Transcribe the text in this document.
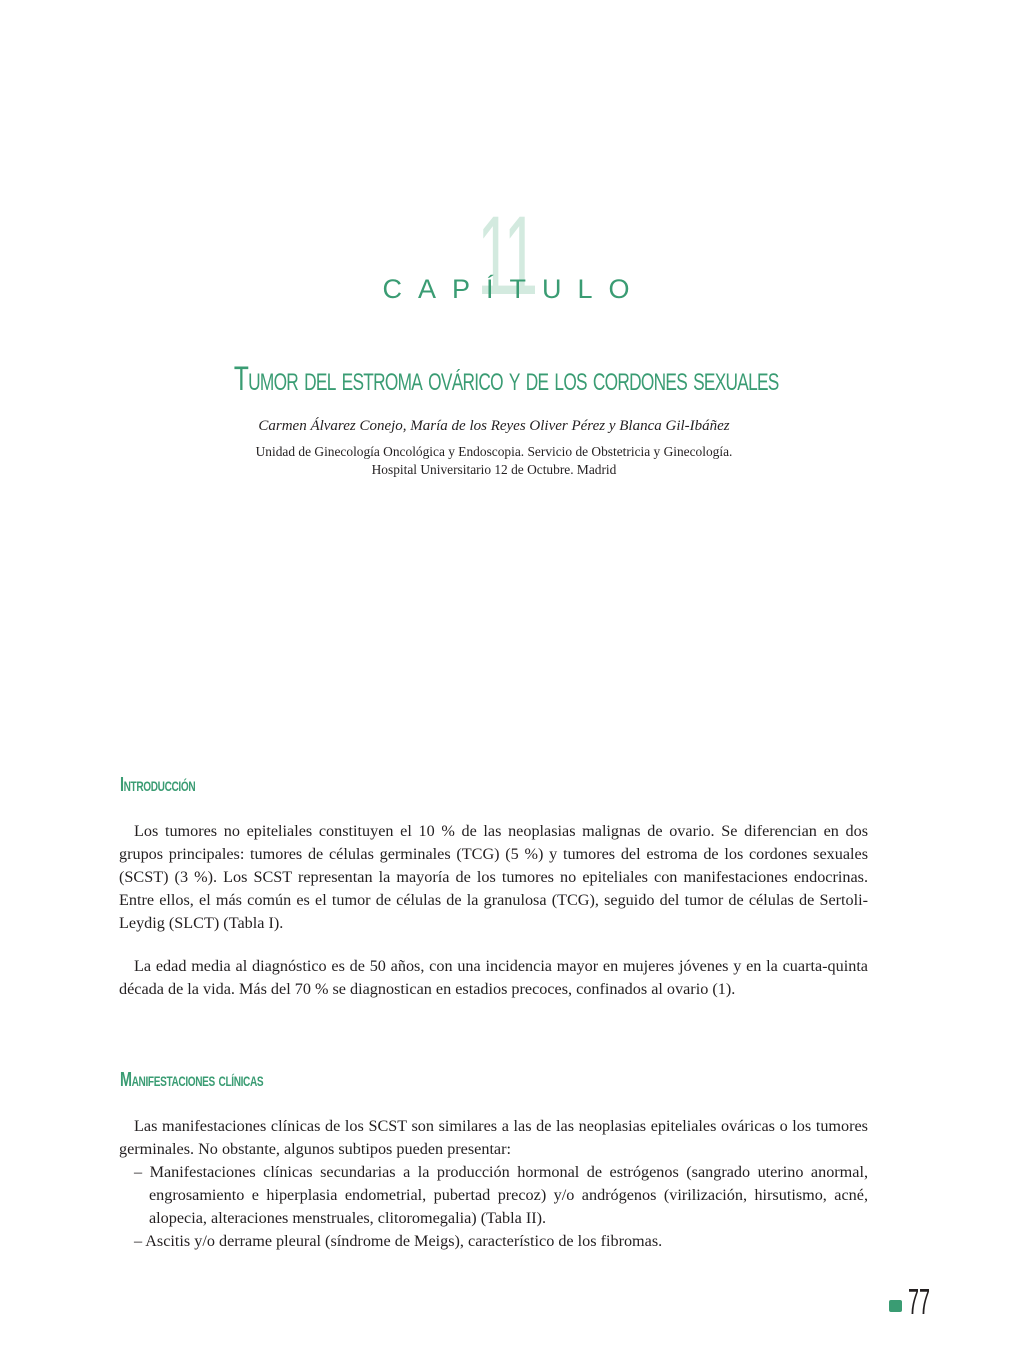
11
CAPÍTULO
Tumor del estroma ovárico y de los cordones sexuales
Carmen Álvarez Conejo, María de los Reyes Oliver Pérez y Blanca Gil-Ibáñez
Unidad de Ginecología Oncológica y Endoscopia. Servicio de Obstetricia y Ginecología.
Hospital Universitario 12 de Octubre. Madrid
Introducción

Los tumores no epiteliales constituyen el 10 % de las neoplasias malignas de ovario. Se diferencian en dos grupos principales: tumores de células germinales (TCG) (5 %) y tumores del estroma de los cordones sexuales (SCST) (3 %). Los SCST representan la mayoría de los tumores no epiteliales con manifestaciones endocrinas. Entre ellos, el más común es el tumor de células de la granulosa (TCG), seguido del tumor de células de Sertoli-Leydig (SLCT) (Tabla I).

La edad media al diagnóstico es de 50 años, con una incidencia mayor en mujeres jóvenes y en la cuarta-quinta década de la vida. Más del 70 % se diagnostican en estadios precoces, confinados al ovario (1).

Manifestaciones clínicas

Las manifestaciones clínicas de los SCST son similares a las de las neoplasias epiteliales ováricas o los tumores germinales. No obstante, algunos subtipos pueden presentar:

– Manifestaciones clínicas secundarias a la producción hormonal de estrógenos (sangrado uterino anormal, engrosamiento e hiperplasia endometrial, pubertad precoz) y/o andrógenos (virilización, hirsutismo, acné, alopecia, alteraciones menstruales, clitoromegalia) (Tabla II).
– Ascitis y/o derrame pleural (síndrome de Meigs), característico de los fibromas.
77
